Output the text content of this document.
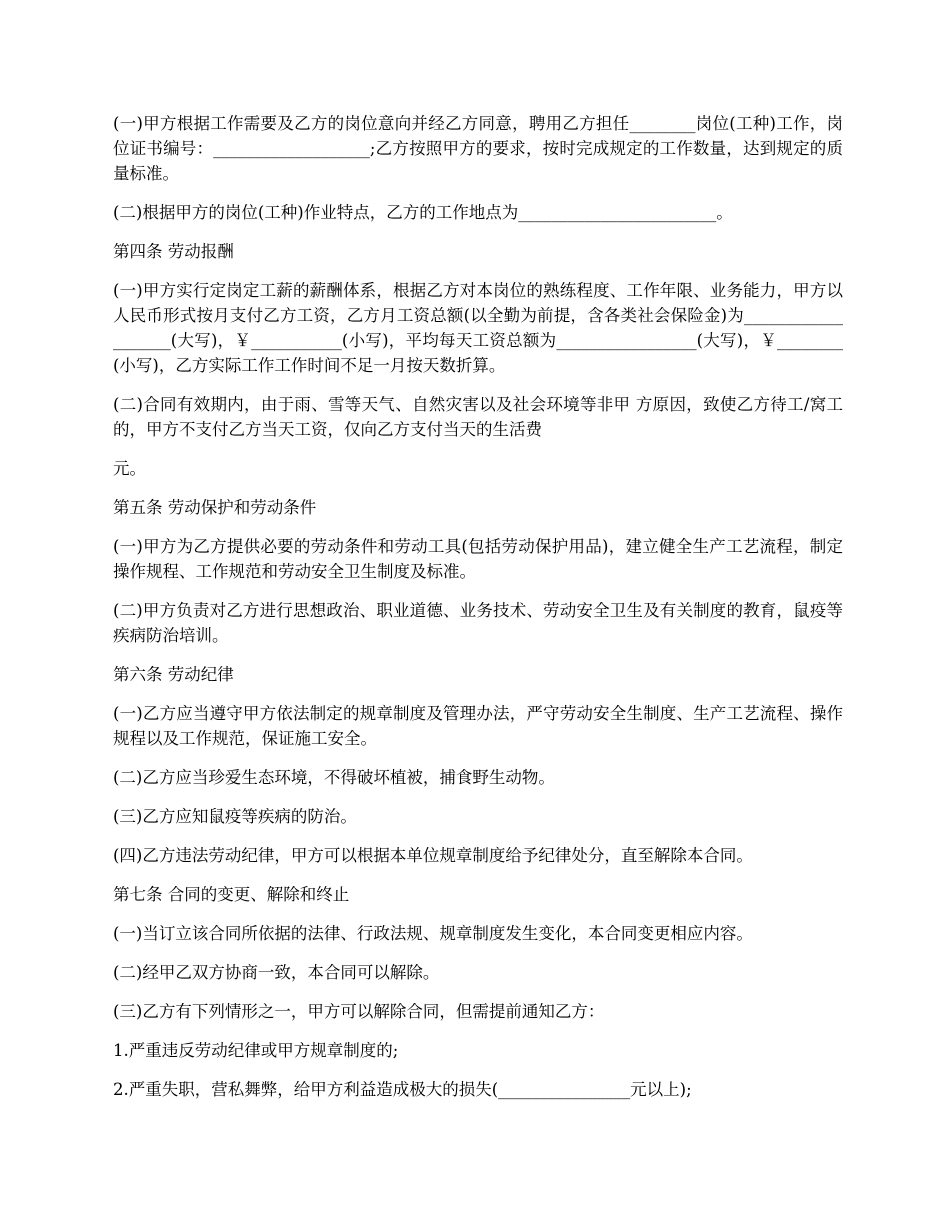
(一)甲方根据工作需要及乙方的岗位意向并经乙方同意，聘用乙方担任________岗位(工种)工作，岗位证书编号：___________________;乙方按照甲方的要求，按时完成规定的工作数量，达到规定的质量标准。

(二)根据甲方的岗位(工种)作业特点，乙方的工作地点为________________________。

第四条 劳动报酬

(一)甲方实行定岗定工薪的薪酬体系，根据乙方对本岗位的熟练程度、工作年限、业务能力，甲方以人民币形式按月支付乙方工资，乙方月工资总额(以全勤为前提，含各类社会保险金)为___________________(大写)，￥___________(小写)，平均每天工资总额为_________________(大写)，￥________(小写)，乙方实际工作工作时间不足一月按天数折算。

(二)合同有效期内，由于雨、雪等天气、自然灾害以及社会环境等非甲 方原因，致使乙方待工/窝工的，甲方不支付乙方当天工资，仅向乙方支付当天的生活费

元。

第五条 劳动保护和劳动条件

(一)甲方为乙方提供必要的劳动条件和劳动工具(包括劳动保护用品)，建立健全生产工艺流程，制定操作规程、工作规范和劳动安全卫生制度及标准。

(二)甲方负责对乙方进行思想政治、职业道德、业务技术、劳动安全卫生及有关制度的教育，鼠疫等疾病防治培训。

第六条 劳动纪律

(一)乙方应当遵守甲方依法制定的规章制度及管理办法，严守劳动安全生制度、生产工艺流程、操作规程以及工作规范，保证施工安全。

(二)乙方应当珍爱生态环境，不得破坏植被，捕食野生动物。

(三)乙方应知鼠疫等疾病的防治。

(四)乙方违法劳动纪律，甲方可以根据本单位规章制度给予纪律处分，直至解除本合同。

第七条 合同的变更、解除和终止

(一)当订立该合同所依据的法律、行政法规、规章制度发生变化，本合同变更相应内容。

(二)经甲乙双方协商一致，本合同可以解除。

(三)乙方有下列情形之一，甲方可以解除合同，但需提前通知乙方：

1.严重违反劳动纪律或甲方规章制度的;

2.严重失职，营私舞弊，给甲方利益造成极大的损失(________________元以上);
